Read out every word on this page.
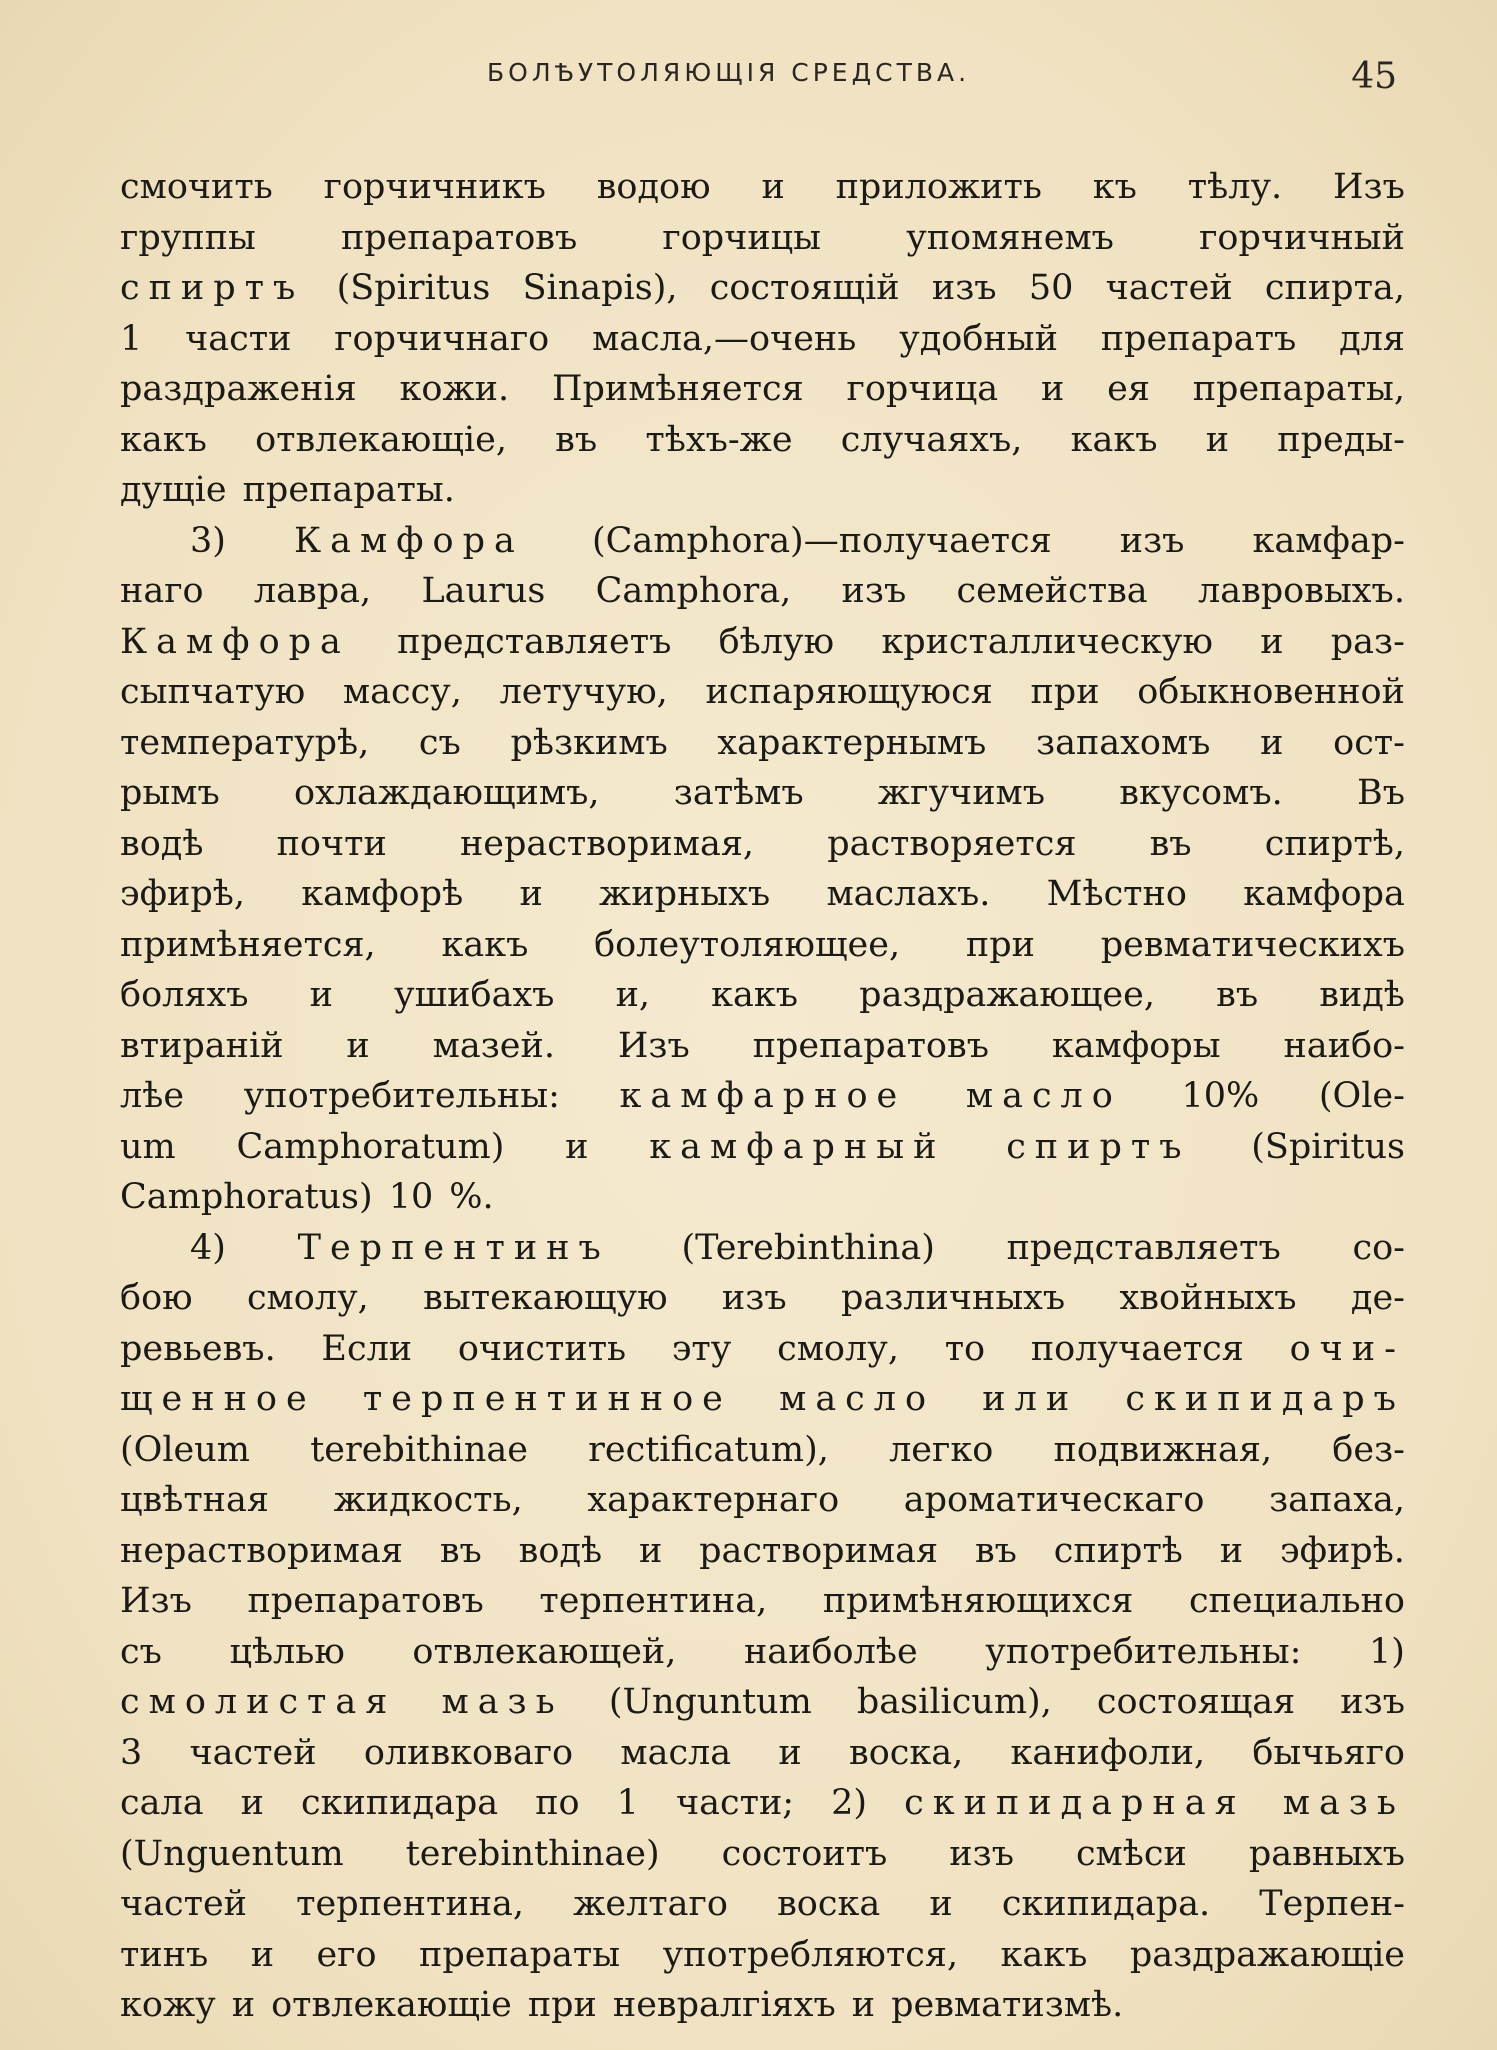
БОЛѢУТОЛЯЮЩІЯ СРЕДСТВА.	45
смочить горчичникъ водою и приложить къ тѣлу. Изъ
группы препаратовъ горчицы упомянемъ горчичный
спиртъ (Spiritus Sinapis), состоящій изъ 50 частей спирта,
1 части горчичнаго масла,—очень удобный препаратъ для
раздраженія кожи. Примѣняется горчица и ея препараты,
какъ отвлекающіе, въ тѣхъ-же случаяхъ, какъ и преды-
дущіе препараты.
3) Камфора (Camphora)—получается изъ камфар-
наго лавра, Laurus Camphora, изъ семейства лавровыхъ.
Камфора представляетъ бѣлую кристаллическую и раз-
сыпчатую массу, летучую, испаряющуюся при обыкновенной
температурѣ, съ рѣзкимъ характернымъ запахомъ и ост-
рымъ охлаждающимъ, затѣмъ жгучимъ вкусомъ. Въ
водѣ почти нерастворимая, растворяется въ спиртѣ,
эфирѣ, камфорѣ и жирныхъ маслахъ. Мѣстно камфора
примѣняется, какъ болеутоляющее, при ревматическихъ
боляхъ и ушибахъ и, какъ раздражающее, въ видѣ
втираній и мазей. Изъ препаратовъ камфоры наибо-
лѣе употребительны: камфарное масло 10% (Ole-
um Camphoratum) и камфарный спиртъ (Spiritus
Camphoratus) 10 %.
4) Терпентинъ (Terebinthina) представляетъ со-
бою смолу, вытекающую изъ различныхъ хвойныхъ де-
ревьевъ. Если очистить эту смолу, то получается очи-
щенное терпентинное масло или скипидаръ
(Oleum terebithinae rectificatum), легко подвижная, без-
цвѣтная жидкость, характернаго ароматическаго запаха,
нерастворимая въ водѣ и растворимая въ спиртѣ и эфирѣ.
Изъ препаратовъ терпентина, примѣняющихся специально
съ цѣлью отвлекающей, наиболѣе употребительны: 1)
смолистая мазь (Unguntum basilicum), состоящая изъ
3 частей оливковаго масла и воска, канифоли, бычьяго
сала и скипидара по 1 части; 2) скипидарная мазь
(Unguentum terebinthinae) состоитъ изъ смѣси равныхъ
частей терпентина, желтаго воска и скипидара. Терпен-
тинъ и его препараты употребляются, какъ раздражающіе
кожу и отвлекающіе при невралгіяхъ и ревматизмѣ.
